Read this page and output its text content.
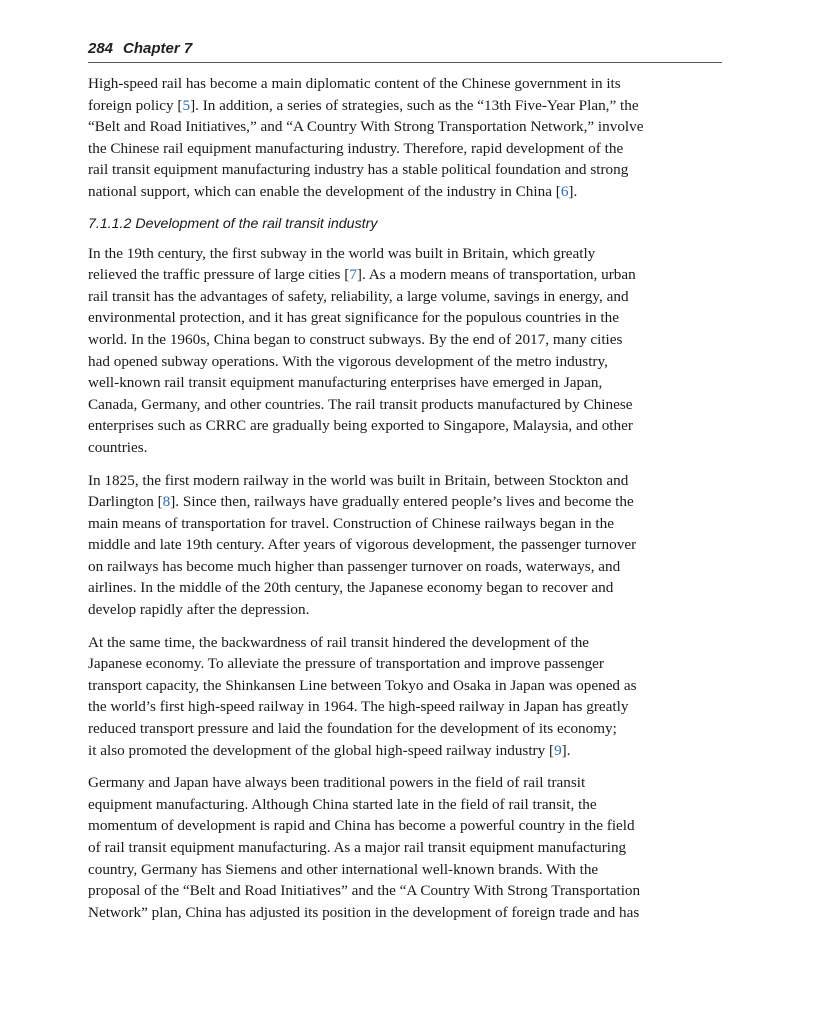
284 Chapter 7

High-speed rail has become a main diplomatic content of the Chinese government in its
foreign policy [5]. In addition, a series of strategies, such as the “13th Five-Year Plan,” the
“Belt and Road Initiatives,” and “A Country With Strong Transportation Network,” involve
the Chinese rail equipment manufacturing industry. Therefore, rapid development of the
rail transit equipment manufacturing industry has a stable political foundation and strong
national support, which can enable the development of the industry in China [6].

7.1.1.2 Development of the rail transit industry

In the 19th century, the first subway in the world was built in Britain, which greatly
relieved the traffic pressure of large cities [7]. As a modern means of transportation, urban
rail transit has the advantages of safety, reliability, a large volume, savings in energy, and
environmental protection, and it has great significance for the populous countries in the
world. In the 1960s, China began to construct subways. By the end of 2017, many cities
had opened subway operations. With the vigorous development of the metro industry,
well-known rail transit equipment manufacturing enterprises have emerged in Japan,
Canada, Germany, and other countries. The rail transit products manufactured by Chinese
enterprises such as CRRC are gradually being exported to Singapore, Malaysia, and other
countries.

In 1825, the first modern railway in the world was built in Britain, between Stockton and
Darlington [8]. Since then, railways have gradually entered people’s lives and become the
main means of transportation for travel. Construction of Chinese railways began in the
middle and late 19th century. After years of vigorous development, the passenger turnover
on railways has become much higher than passenger turnover on roads, waterways, and
airlines. In the middle of the 20th century, the Japanese economy began to recover and
develop rapidly after the depression.

At the same time, the backwardness of rail transit hindered the development of the
Japanese economy. To alleviate the pressure of transportation and improve passenger
transport capacity, the Shinkansen Line between Tokyo and Osaka in Japan was opened as
the world’s first high-speed railway in 1964. The high-speed railway in Japan has greatly
reduced transport pressure and laid the foundation for the development of its economy;
it also promoted the development of the global high-speed railway industry [9].

Germany and Japan have always been traditional powers in the field of rail transit
equipment manufacturing. Although China started late in the field of rail transit, the
momentum of development is rapid and China has become a powerful country in the field
of rail transit equipment manufacturing. As a major rail transit equipment manufacturing
country, Germany has Siemens and other international well-known brands. With the
proposal of the “Belt and Road Initiatives” and the “A Country With Strong Transportation
Network” plan, China has adjusted its position in the development of foreign trade and has
